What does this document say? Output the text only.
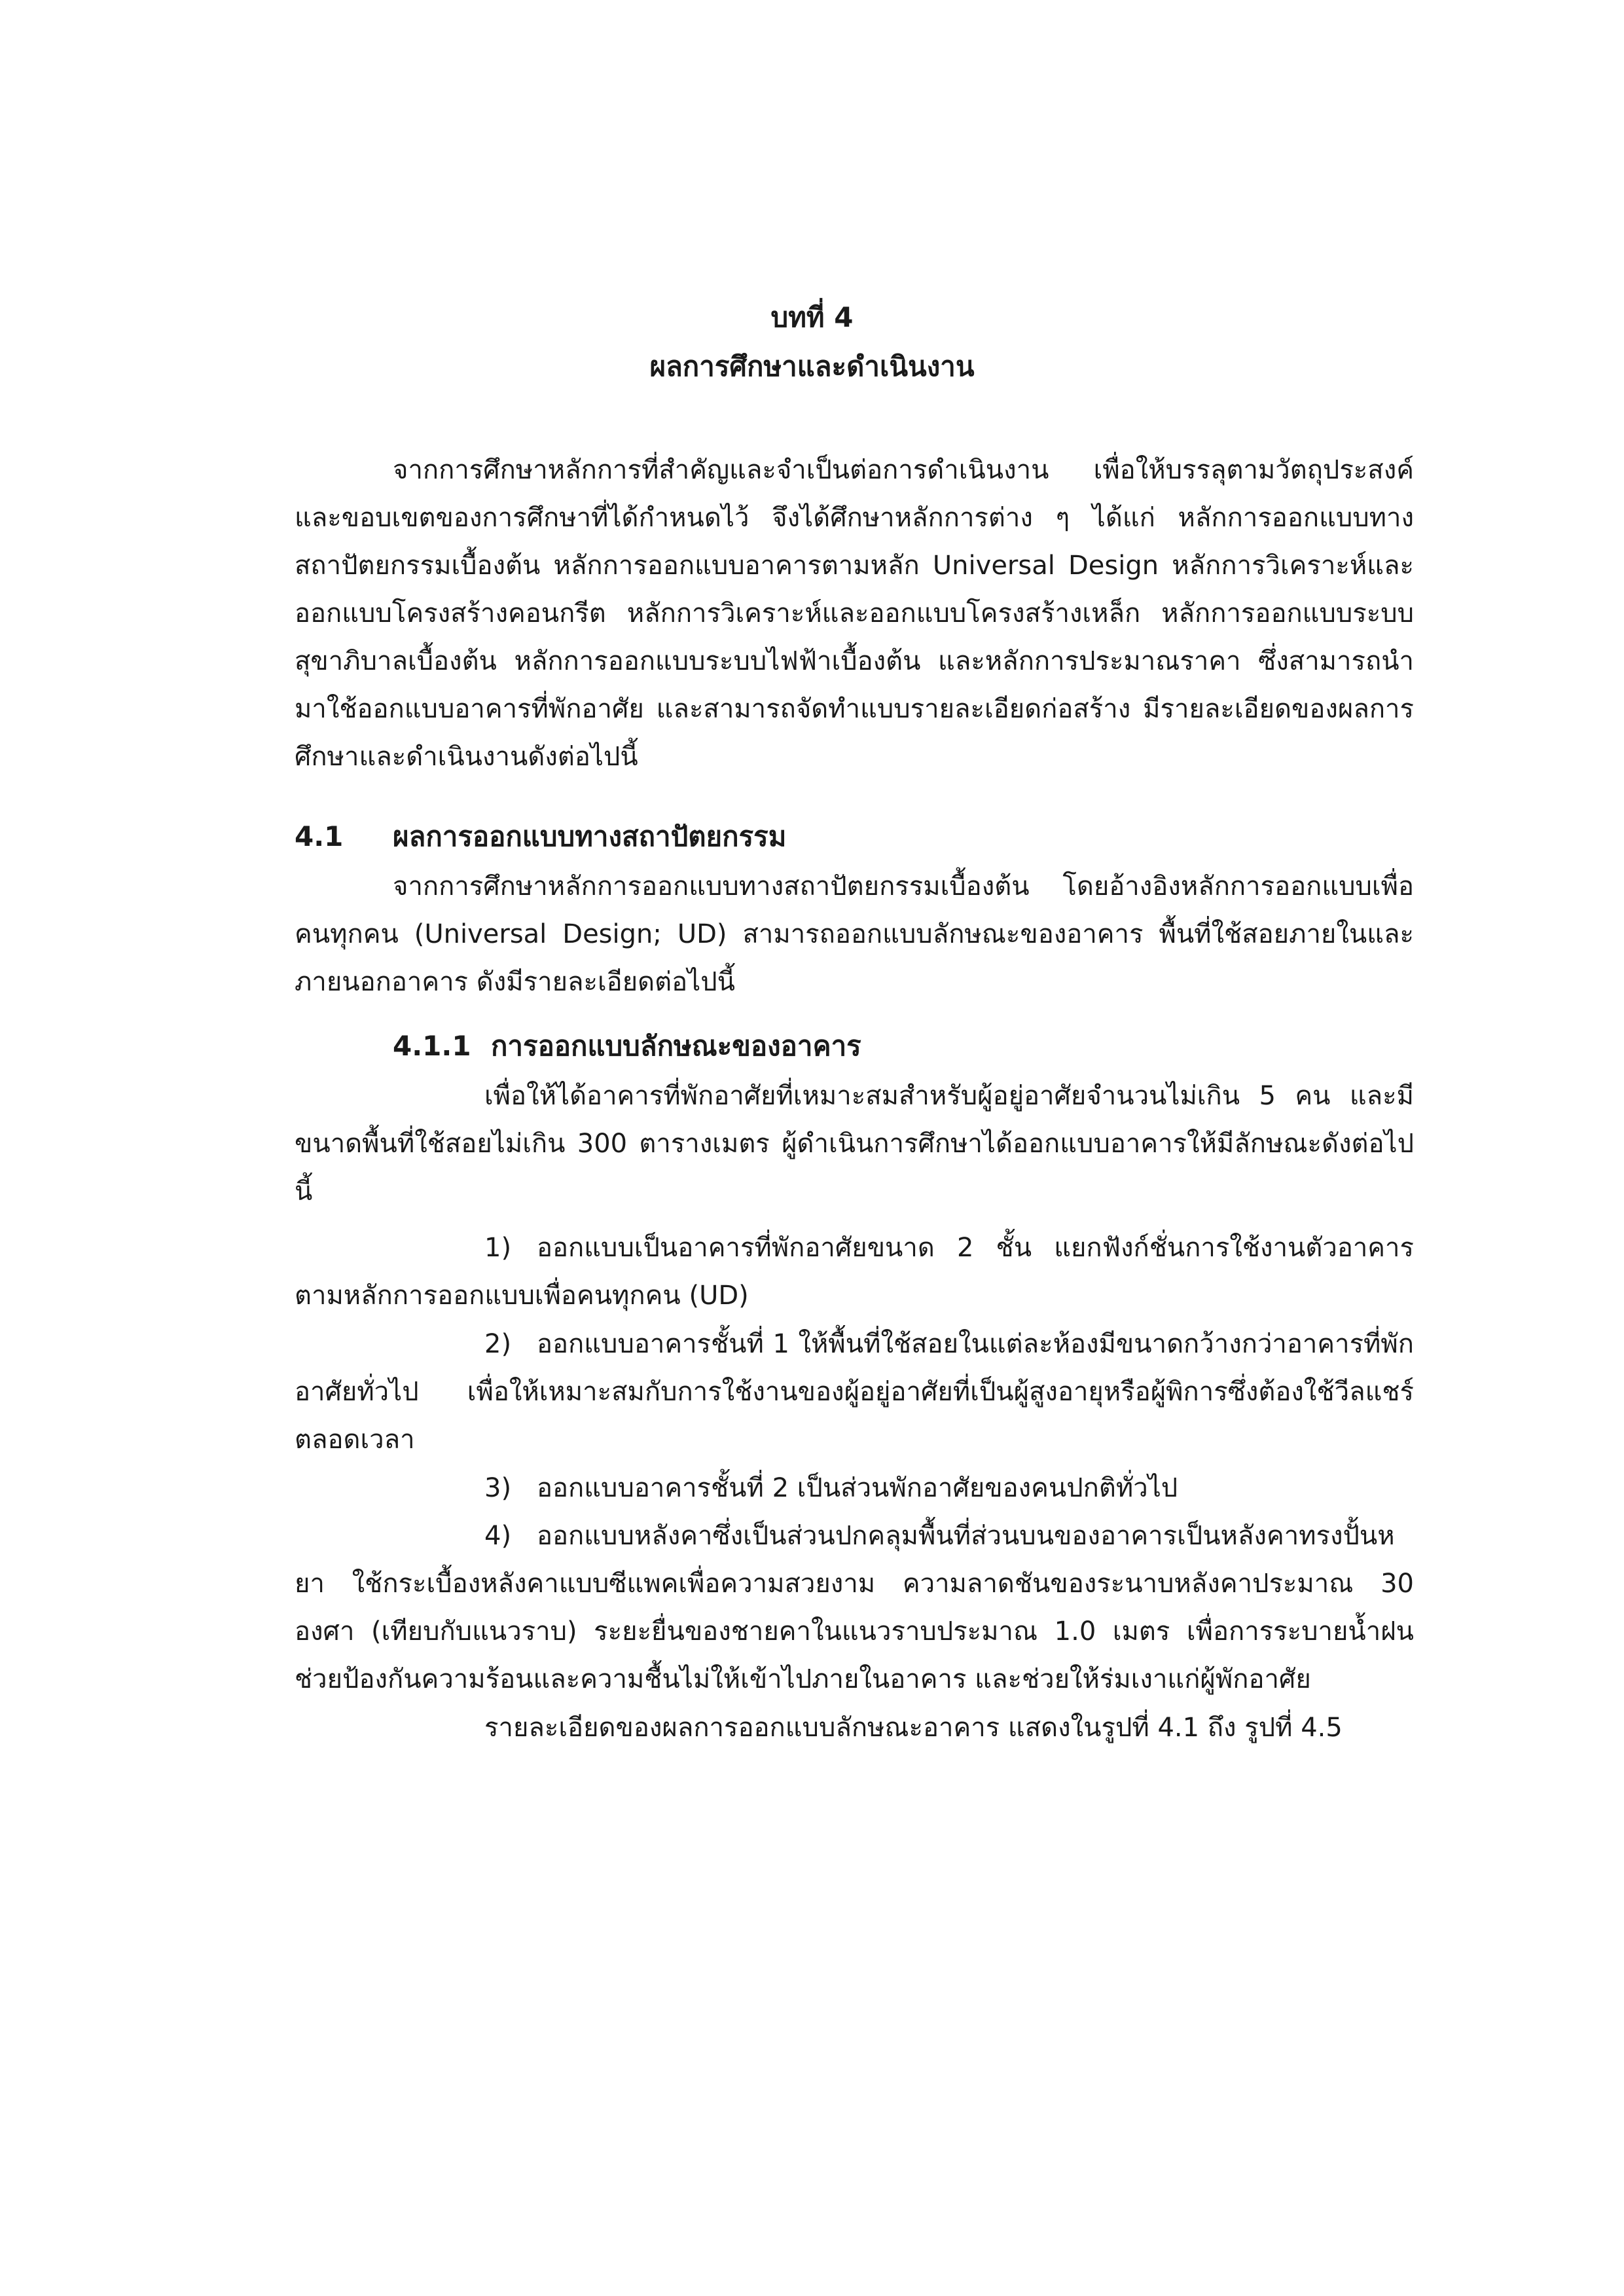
บทที่ 4
ผลการศึกษาและดำเนินงาน

จากการศึกษาหลักการที่สำคัญและจำเป็นต่อการดำเนินงาน เพื่อให้บรรลุตามวัตถุประสงค์และขอบเขตของการศึกษาที่ได้กำหนดไว้ จึงได้ศึกษาหลักการต่าง ๆ ได้แก่ หลักการออกแบบทางสถาปัตยกรรมเบื้องต้น หลักการออกแบบอาคารตามหลัก Universal Design หลักการวิเคราะห์และออกแบบโครงสร้างคอนกรีต หลักการวิเคราะห์และออกแบบโครงสร้างเหล็ก หลักการออกแบบระบบสุขาภิบาลเบื้องต้น หลักการออกแบบระบบไฟฟ้าเบื้องต้น และหลักการประมาณราคา ซึ่งสามารถนำมาใช้ออกแบบอาคารที่พักอาศัย และสามารถจัดทำแบบรายละเอียดก่อสร้าง มีรายละเอียดของผลการศึกษาและดำเนินงานดังต่อไปนี้

4.1 ผลการออกแบบทางสถาปัตยกรรม

จากการศึกษาหลักการออกแบบทางสถาปัตยกรรมเบื้องต้น โดยอ้างอิงหลักการออกแบบเพื่อคนทุกคน (Universal Design; UD) สามารถออกแบบลักษณะของอาคาร พื้นที่ใช้สอยภายในและภายนอกอาคาร ดังมีรายละเอียดต่อไปนี้

4.1.1 การออกแบบลักษณะของอาคาร

เพื่อให้ได้อาคารที่พักอาศัยที่เหมาะสมสำหรับผู้อยู่อาศัยจำนวนไม่เกิน 5 คน และมีขนาดพื้นที่ใช้สอยไม่เกิน 300 ตารางเมตร ผู้ดำเนินการศึกษาได้ออกแบบอาคารให้มีลักษณะดังต่อไปนี้

1) ออกแบบเป็นอาคารที่พักอาศัยขนาด 2 ชั้น แยกฟังก์ชั่นการใช้งานตัวอาคารตามหลักการออกแบบเพื่อคนทุกคน (UD)

2) ออกแบบอาคารชั้นที่ 1 ให้พื้นที่ใช้สอยในแต่ละห้องมีขนาดกว้างกว่าอาคารที่พักอาศัยทั่วไป เพื่อให้เหมาะสมกับการใช้งานของผู้อยู่อาศัยที่เป็นผู้สูงอายุหรือผู้พิการซึ่งต้องใช้วีลแชร์ตลอดเวลา

3) ออกแบบอาคารชั้นที่ 2 เป็นส่วนพักอาศัยของคนปกติทั่วไป

4) ออกแบบหลังคาซึ่งเป็นส่วนปกคลุมพื้นที่ส่วนบนของอาคารเป็นหลังคาทรงปั้นหยา ใช้กระเบื้องหลังคาแบบซีแพคเพื่อความสวยงาม ความลาดชันของระนาบหลังคาประมาณ 30 องศา (เทียบกับแนวราบ) ระยะยื่นของชายคาในแนวราบประมาณ 1.0 เมตร เพื่อการระบายน้ำฝน ช่วยป้องกันความร้อนและความชื้นไม่ให้เข้าไปภายในอาคาร และช่วยให้ร่มเงาแก่ผู้พักอาศัย

รายละเอียดของผลการออกแบบลักษณะอาคาร แสดงในรูปที่ 4.1 ถึง รูปที่ 4.5
